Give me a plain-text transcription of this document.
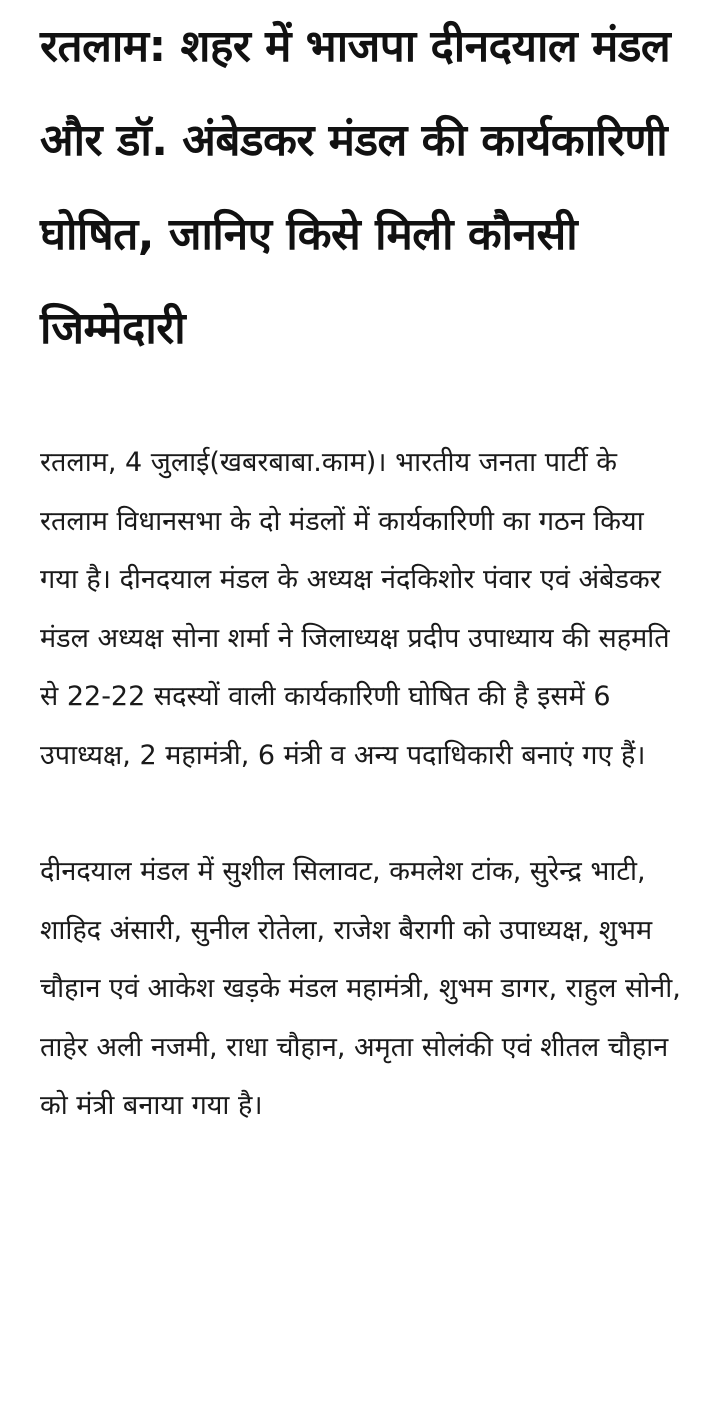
रतलाम: शहर में भाजपा दीनदयाल मंडल और डॉ. अंबेडकर मंडल की कार्यकारिणी घोषित, जानिए किसे मिली कौनसी जिम्मेदारी

रतलाम, 4 जुलाई(खबरबाबा.काम)। भारतीय जनता पार्टी के रतलाम विधानसभा के दो मंडलों में कार्यकारिणी का गठन किया गया है। दीनदयाल मंडल के अध्यक्ष नंदकिशोर पंवार एवं अंबेडकर मंडल अध्यक्ष सोना शर्मा ने जिलाध्यक्ष प्रदीप उपाध्याय की सहमति से 22-22 सदस्यों वाली कार्यकारिणी घोषित की है इसमें 6 उपाध्यक्ष, 2 महामंत्री, 6 मंत्री व अन्य पदाधिकारी बनाएं गए हैं।

दीनदयाल मंडल में सुशील सिलावट, कमलेश टांक, सुरेन्द्र भाटी, शाहिद अंसारी, सुनील रोतेला, राजेश बैरागी को उपाध्यक्ष, शुभम चौहान एवं आकेश खड़के मंडल महामंत्री, शुभम डागर, राहुल सोनी, ताहेर अली नजमी, राधा चौहान, अमृता सोलंकी एवं शीतल चौहान को मंत्री बनाया गया है।
